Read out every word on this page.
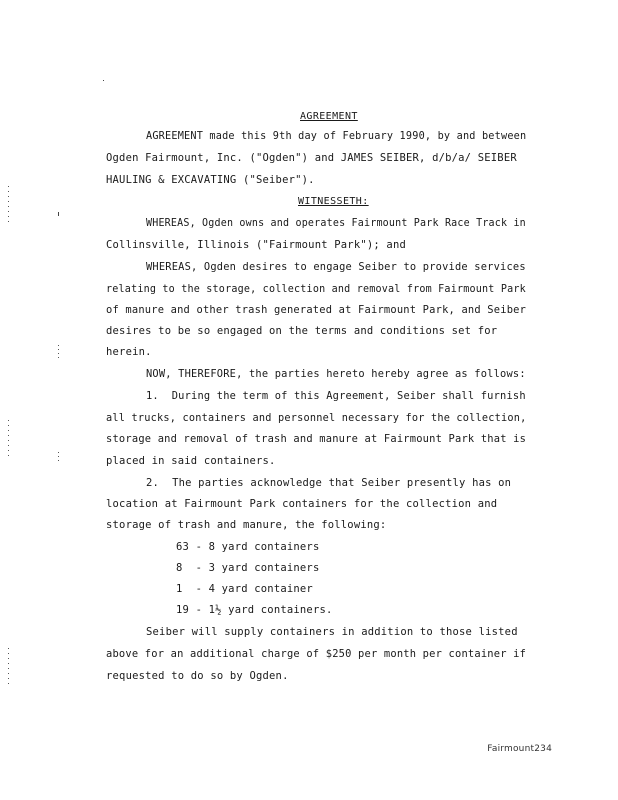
AGREEMENT
AGREEMENT made this 9th day of February 1990, by and between
Ogden Fairmount, Inc. ("Ogden") and JAMES SEIBER, d/b/a/ SEIBER
HAULING & EXCAVATING ("Seiber").
WITNESSETH:
WHEREAS, Ogden owns and operates Fairmount Park Race Track in
Collinsville, Illinois ("Fairmount Park"); and
WHEREAS, Ogden desires to engage Seiber to provide services
relating to the storage, collection and removal from Fairmount Park
of manure and other trash generated at Fairmount Park, and Seiber
desires to be so engaged on the terms and conditions set for
herein.
NOW, THEREFORE, the parties hereto hereby agree as follows:
1.  During the term of this Agreement, Seiber shall furnish
all trucks, containers and personnel necessary for the collection,
storage and removal of trash and manure at Fairmount Park that is
placed in said containers.
2.  The parties acknowledge that Seiber presently has on
location at Fairmount Park containers for the collection and
storage of trash and manure, the following:
63 - 8 yard containers
8  - 3 yard containers
1  - 4 yard container
19 - 1½ yard containers.
Seiber will supply containers in addition to those listed
above for an additional charge of $250 per month per container if
requested to do so by Ogden.
Fairmount234
